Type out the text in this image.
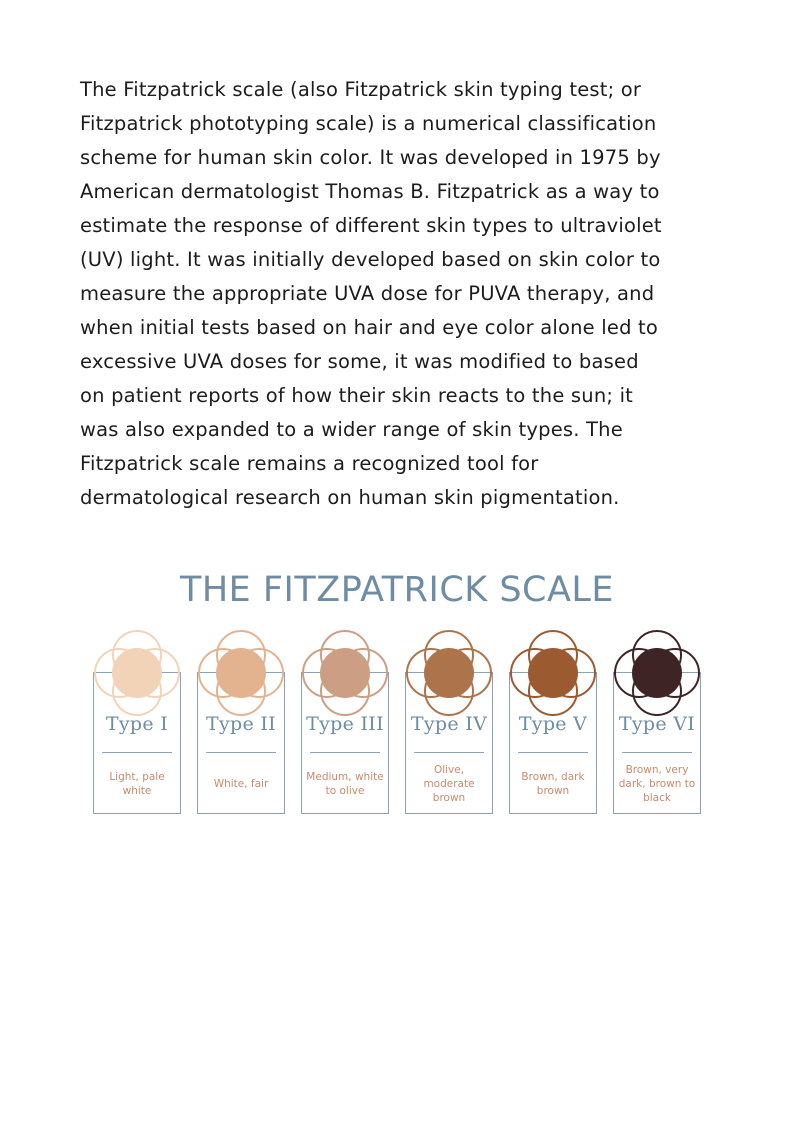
The Fitzpatrick scale (also Fitzpatrick skin typing test; or
Fitzpatrick phototyping scale) is a numerical classification
scheme for human skin color. It was developed in 1975 by
American dermatologist Thomas B. Fitzpatrick as a way to
estimate the response of different skin types to ultraviolet
(UV) light. It was initially developed based on skin color to
measure the appropriate UVA dose for PUVA therapy, and
when initial tests based on hair and eye color alone led to
excessive UVA doses for some, it was modified to based
on patient reports of how their skin reacts to the sun; it
was also expanded to a wider range of skin types. The
Fitzpatrick scale remains a recognized tool for
dermatological research on human skin pigmentation.

THE FITZPATRICK SCALE
Type I
Light, pale white
Type II
White, fair
Type III
Medium, white to olive
Type IV
Olive, moderate brown
Type V
Brown, dark brown
Type VI
Brown, very dark, brown to black
